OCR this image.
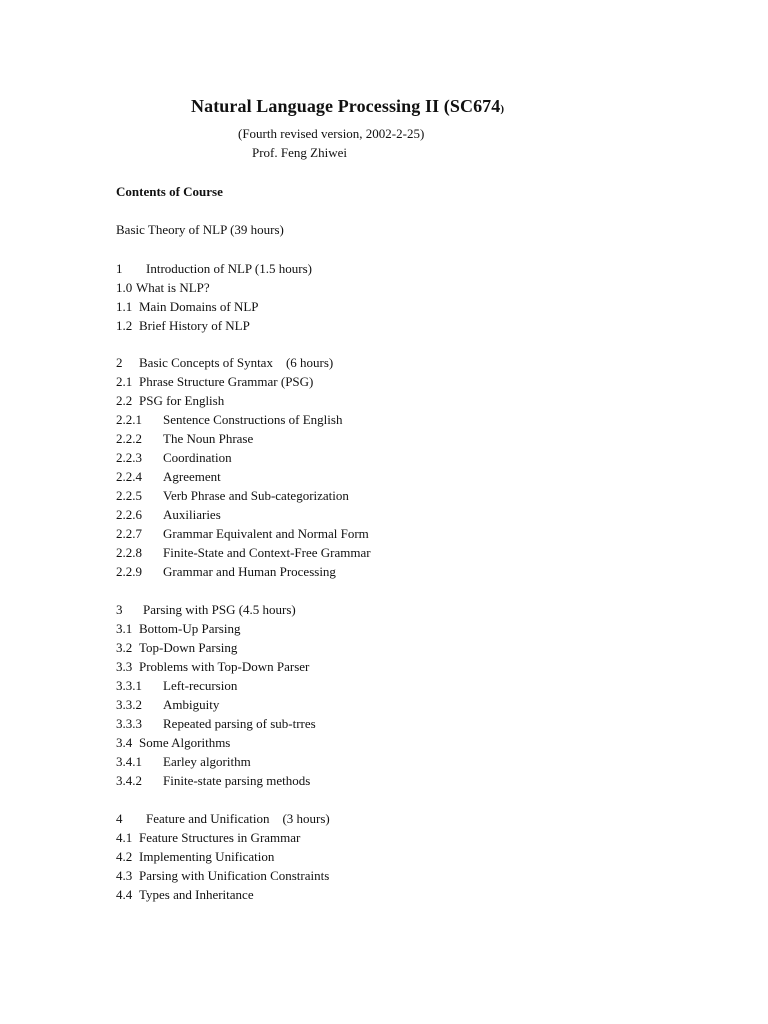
Natural Language Processing II (SC674)
(Fourth revised version, 2002-2-25)
Prof. Feng Zhiwei
Contents of Course
Basic Theory of NLP (39 hours)
1 Introduction of NLP (1.5 hours)
1.0 What is NLP?
1.1 Main Domains of NLP
1.2 Brief History of NLP
2 Basic Concepts of Syntax    (6 hours)
2.1 Phrase Structure Grammar (PSG)
2.2 PSG for English
2.2.1 Sentence Constructions of English
2.2.2 The Noun Phrase
2.2.3 Coordination
2.2.4 Agreement
2.2.5 Verb Phrase and Sub-categorization
2.2.6 Auxiliaries
2.2.7 Grammar Equivalent and Normal Form
2.2.8 Finite-State and Context-Free Grammar
2.2.9 Grammar and Human Processing
3 Parsing with PSG (4.5 hours)
3.1 Bottom-Up Parsing
3.2 Top-Down Parsing
3.3 Problems with Top-Down Parser
3.3.1 Left-recursion
3.3.2 Ambiguity
3.3.3 Repeated parsing of sub-trres
3.4 Some Algorithms
3.4.1 Earley algorithm
3.4.2 Finite-state parsing methods
4 Feature and Unification    (3 hours)
4.1 Feature Structures in Grammar
4.2 Implementing Unification
4.3 Parsing with Unification Constraints
4.4 Types and Inheritance
